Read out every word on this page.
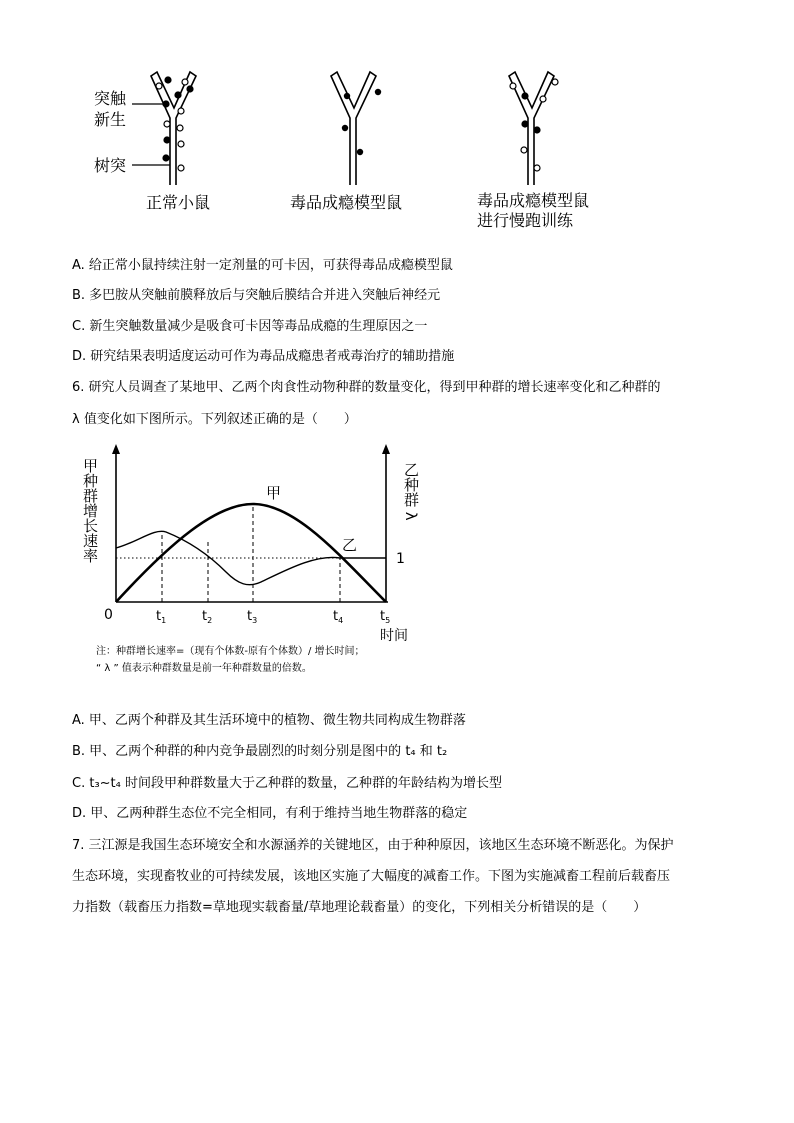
突触
新生
树突
正常小鼠	毒品成瘾模型鼠	毒品成瘾模型鼠
进行慢跑训练
A. 给正常小鼠持续注射一定剂量的可卡因，可获得毒品成瘾模型鼠
B. 多巴胺从突触前膜释放后与突触后膜结合并进入突触后神经元
C. 新生突触数量减少是吸食可卡因等毒品成瘾的生理原因之一
D. 研究结果表明适度运动可作为毒品成瘾患者戒毒治疗的辅助措施
6. 研究人员调查了某地甲、乙两个肉食性动物种群的数量变化，得到甲种群的增长速率变化和乙种群的
λ 值变化如下图所示。下列叙述正确的是（　　）
甲
乙
1
0	$t_1$	$t_2$	$t_3$	$t_4$	$t_5$
时间
甲种群增长速率	乙种群 λ
注：种群增长速率=（现有个体数-原有个体数）/ 增长时间；
“ λ ” 值表示种群数量是前一年种群数量的倍数。
A. 甲、乙两个种群及其生活环境中的植物、微生物共同构成生物群落
B. 甲、乙两个种群的种内竞争最剧烈的时刻分别是图中的 t₄ 和 t₂
C. t₃~t₄ 时间段甲种群数量大于乙种群的数量，乙种群的年龄结构为增长型
D. 甲、乙两种群生态位不完全相同，有利于维持当地生物群落的稳定
7. 三江源是我国生态环境安全和水源涵养的关键地区，由于种种原因，该地区生态环境不断恶化。为保护
生态环境，实现畜牧业的可持续发展，该地区实施了大幅度的减畜工作。下图为实施减畜工程前后载畜压
力指数（载畜压力指数=草地现实载畜量/草地理论载畜量）的变化，下列相关分析错误的是（　　）
